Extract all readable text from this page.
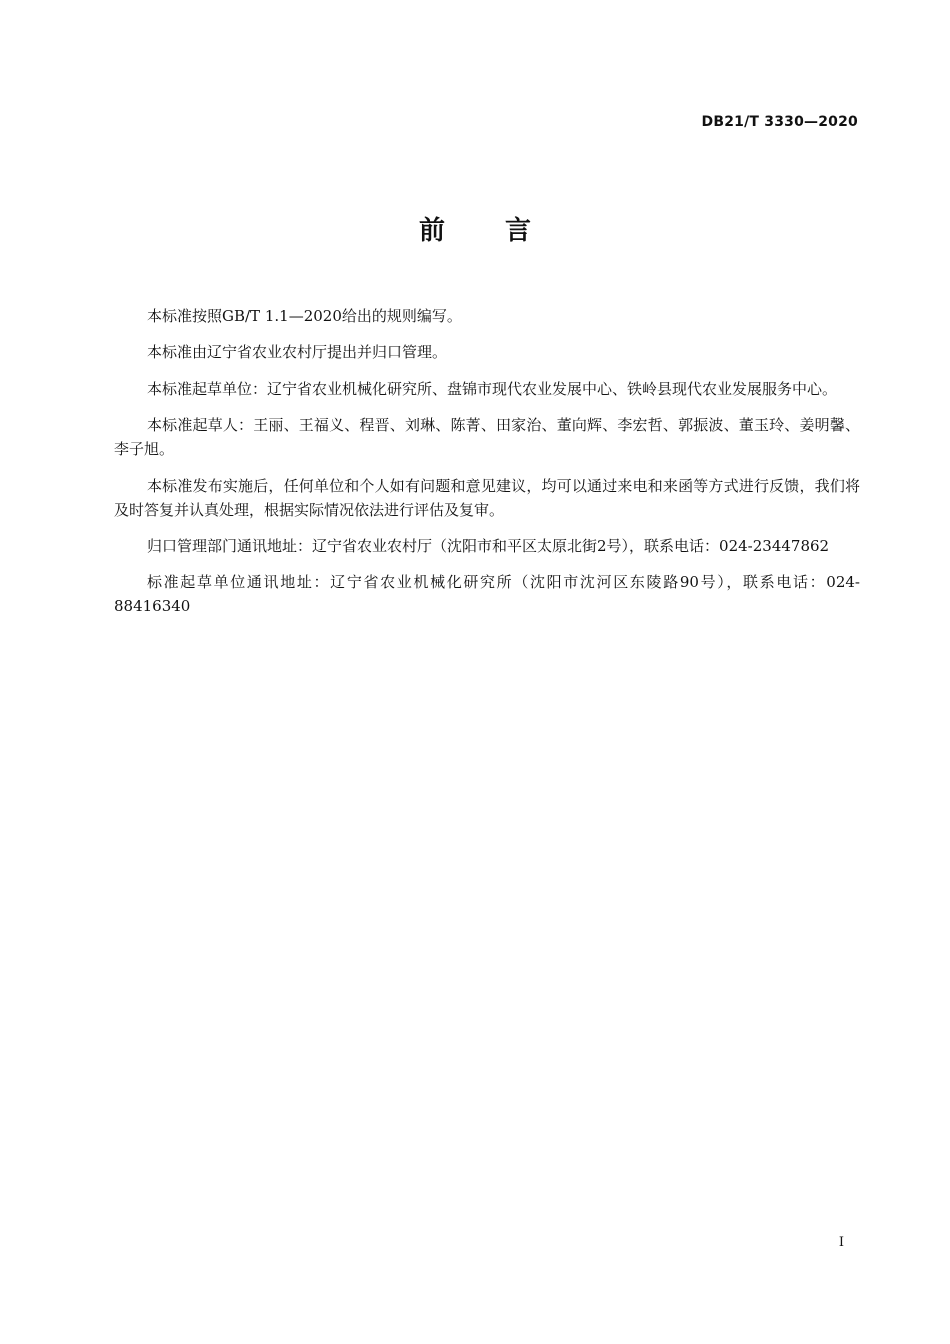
DB21/T 3330—2020
前言

本标准按照GB/T 1.1—2020给出的规则编写。

本标准由辽宁省农业农村厅提出并归口管理。

本标准起草单位：辽宁省农业机械化研究所、盘锦市现代农业发展中心、铁岭县现代农业发展服务中心。

本标准起草人：王丽、王福义、程晋、刘琳、陈菁、田家治、董向辉、李宏哲、郭振波、董玉玲、姜明馨、李子旭。

本标准发布实施后，任何单位和个人如有问题和意见建议，均可以通过来电和来函等方式进行反馈，我们将及时答复并认真处理，根据实际情况依法进行评估及复审。

归口管理部门通讯地址：辽宁省农业农村厅（沈阳市和平区太原北街2号），联系电话：024-23447862

标准起草单位通讯地址：辽宁省农业机械化研究所（沈阳市沈河区东陵路90号），联系电话：024-88416340

I
